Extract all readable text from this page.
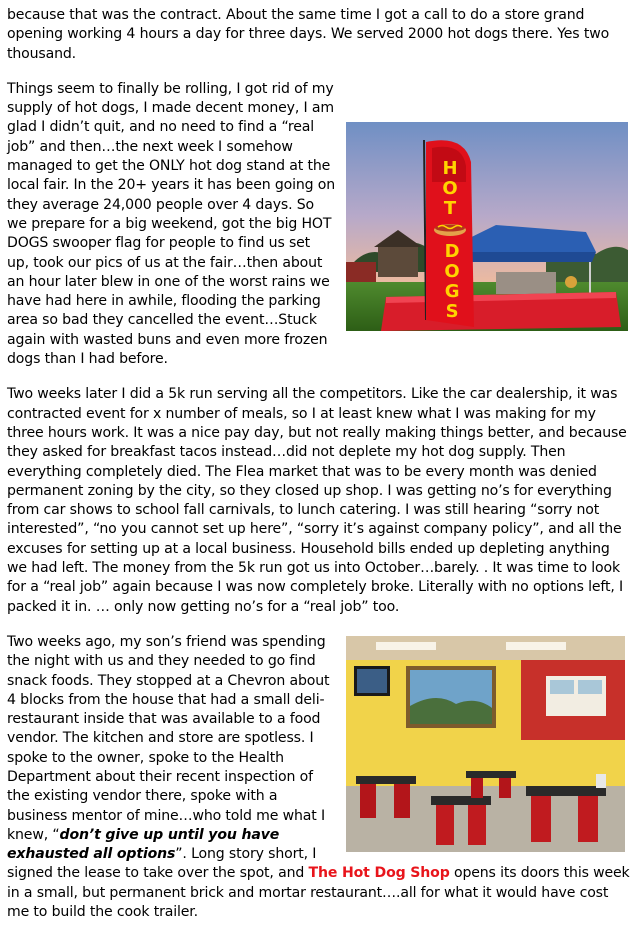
because that was the contract. About the same time I got a call to do a store grand opening working 4 hours a day for three days. We served 2000 hot dogs there. Yes two thousand.

H
O
T
D
O
G
S
Things seem to finally be rolling, I got rid of my supply of hot dogs, I made decent money, I am glad I didn’t quit, and no need to find a “real job” and then…the next week I somehow managed to get the ONLY hot dog stand at the local fair. In the 20+ years it has been going on they average 24,000 people over 4 days. So we prepare for a big weekend, got the big HOT DOGS swooper flag for people to find us set up, took our pics of us at the fair…then about an hour later blew in one of the worst rains we have had here in awhile, flooding the parking area so bad they cancelled the event…Stuck again with wasted buns and even more frozen dogs than I had before.

Two weeks later I did a 5k run serving all the competitors. Like the car dealership, it was contracted event for x number of meals, so I at least knew what I was making for my three hours work. It was a nice pay day, but not really making things better, and because they asked for breakfast tacos instead…did not deplete my hot dog supply. Then everything completely died. The Flea market that was to be every month was denied permanent zoning by the city, so they closed up shop. I was getting no’s for everything from car shows to school fall carnivals, to lunch catering. I was still hearing “sorry not interested”, “no you cannot set up here”, “sorry it’s against company policy”, and all the excuses for setting up at a local business. Household bills ended up depleting anything we had left. The money from the 5k run got us into October…barely. . It was time to look for a “real job” again because I was now completely broke. Literally with no options left, I packed it in. … only now getting no’s for a “real job” too.

Two weeks ago, my son’s friend was spending the night with us and they needed to go find snack foods. They stopped at a Chevron about 4 blocks from the house that had a small deli-restaurant inside that was available to a food vendor. The kitchen and store are spotless. I spoke to the owner, spoke to the Health Department about their recent inspection of the existing vendor there, spoke with a business mentor of mine…who told me what I knew, “don’t give up until you have exhausted all options”. Long story short, I signed the lease to take over the spot, and The Hot Dog Shop opens its doors this week in a small, but permanent brick and mortar restaurant….all for what it would have cost me to build the cook trailer.
